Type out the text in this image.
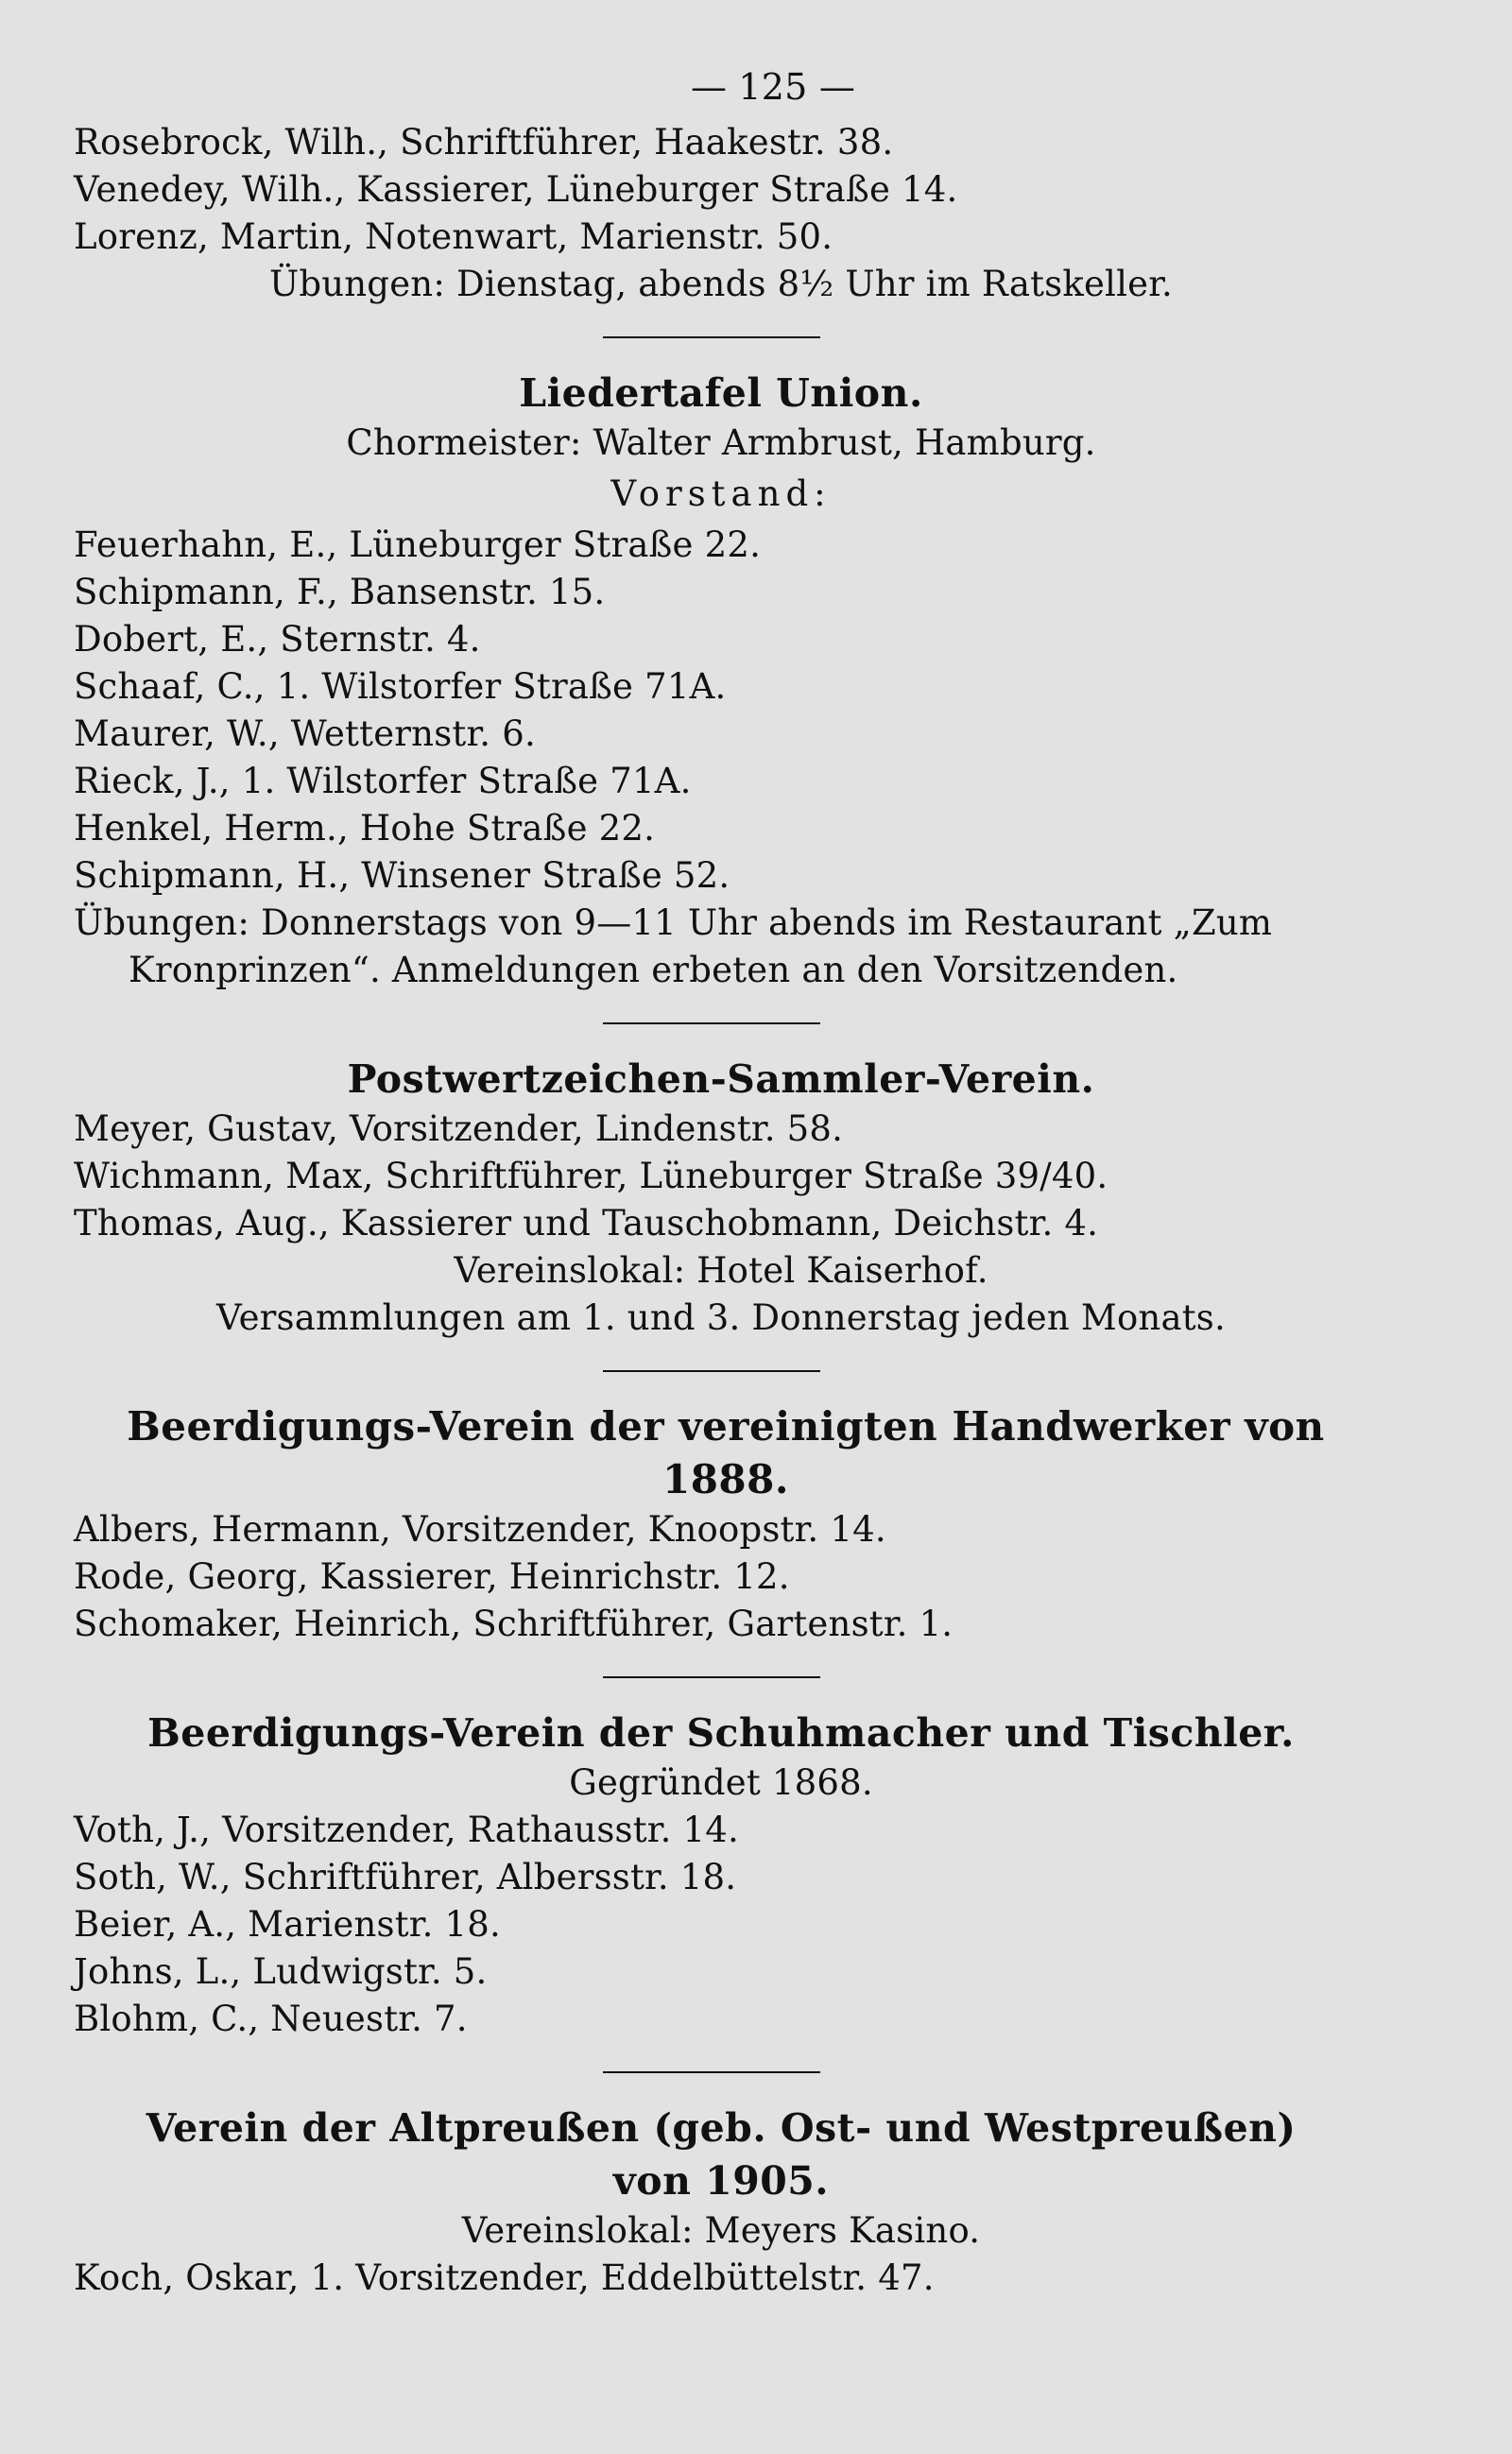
— 125 —
Rosebrock, Wilh., Schriftführer, Haakestr. 38.
Venedey, Wilh., Kassierer, Lüneburger Straße 14.
Lorenz, Martin, Notenwart, Marienstr. 50.
Übungen: Dienstag, abends 8½ Uhr im Ratskeller.
Liedertafel Union.
Chormeister: Walter Armbrust, Hamburg.
Vorstand:
Feuerhahn, E., Lüneburger Straße 22.
Schipmann, F., Bansenstr. 15.
Dobert, E., Sternstr. 4.
Schaaf, C., 1. Wilstorfer Straße 71A.
Maurer, W., Wetternstr. 6.
Rieck, J., 1. Wilstorfer Straße 71A.
Henkel, Herm., Hohe Straße 22.
Schipmann, H., Winsener Straße 52.
Übungen: Donnerstags von 9—11 Uhr abends im Restaurant „Zum
Kronprinzen“. Anmeldungen erbeten an den Vorsitzenden.
Postwertzeichen-Sammler-Verein.
Meyer, Gustav, Vorsitzender, Lindenstr. 58.
Wichmann, Max, Schriftführer, Lüneburger Straße 39/40.
Thomas, Aug., Kassierer und Tauschobmann, Deichstr. 4.
Vereinslokal: Hotel Kaiserhof.
Versammlungen am 1. und 3. Donnerstag jeden Monats.
Beerdigungs-Verein der vereinigten Handwerker von 1888.
Albers, Hermann, Vorsitzender, Knoopstr. 14.
Rode, Georg, Kassierer, Heinrichstr. 12.
Schomaker, Heinrich, Schriftführer, Gartenstr. 1.
Beerdigungs-Verein der Schuhmacher und Tischler.
Gegründet 1868.
Voth, J., Vorsitzender, Rathausstr. 14.
Soth, W., Schriftführer, Albersstr. 18.
Beier, A., Marienstr. 18.
Johns, L., Ludwigstr. 5.
Blohm, C., Neuestr. 7.
Verein der Altpreußen (geb. Ost- und Westpreußen)
von 1905.
Vereinslokal: Meyers Kasino.
Koch, Oskar, 1. Vorsitzender, Eddelbüttelstr. 47.
